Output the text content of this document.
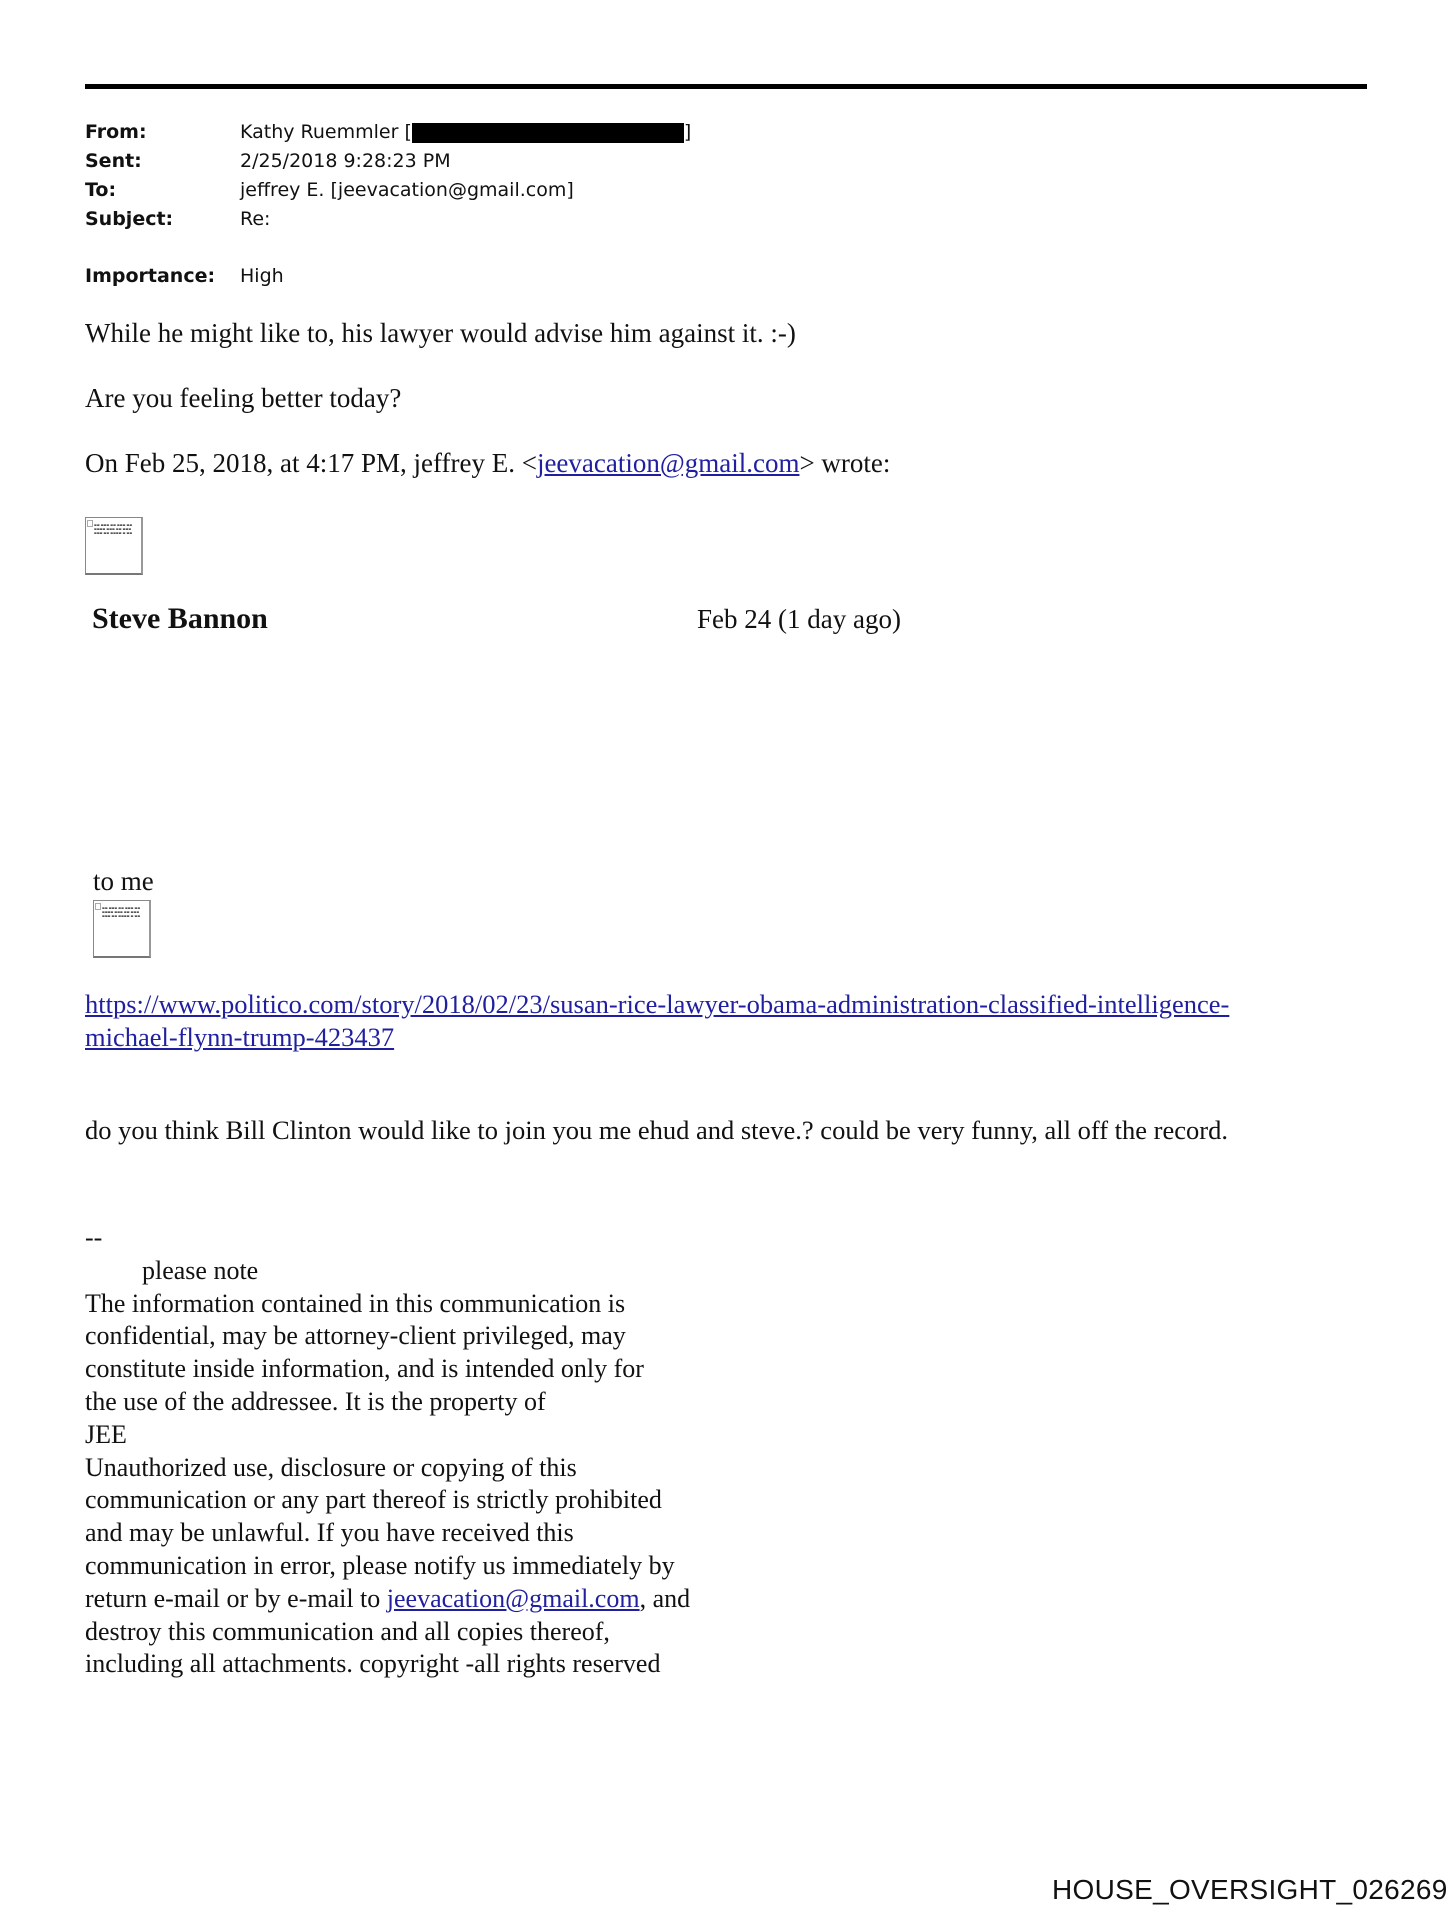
From:	Kathy Ruemmler [	]
Sent:	2/25/2018 9:28:23 PM
To:	jeffrey E. [jeevacation@gmail.com]
Subject:	Re:
Importance: High
While he might like to, his lawyer would advise him against it. :-)
Are you feeling better today?
On Feb 25, 2018, at 4:17 PM, jeffrey E. <jeevacation@gmail.com> wrote:
▬▬ ▬▬▬ ▬▬ ▬▬▬ ▬▬ ▬▬▬▬ ▬▬▬ ▬▬ ▬▬▬ ▬▬▬ ▬▬ ▬▬▬▬ ▬ ▬▬
Steve Bannon	Feb 24 (1 day ago)
to me
▬▬ ▬▬▬ ▬▬ ▬▬▬ ▬▬ ▬▬▬▬ ▬▬▬ ▬▬ ▬▬▬ ▬▬▬ ▬▬ ▬▬▬▬ ▬ ▬▬
https://www.politico.com/story/2018/02/23/susan-rice-lawyer-obama-administration-classified-intelligence-
michael-flynn-trump-423437
do you think Bill Clinton would like to join you me ehud and steve.? could be very funny, all off the record.
--
please note
The information contained in this communication is
confidential, may be attorney-client privileged, may
constitute inside information, and is intended only for
the use of the addressee. It is the property of
JEE
Unauthorized use, disclosure or copying of this
communication or any part thereof is strictly prohibited
and may be unlawful. If you have received this
communication in error, please notify us immediately by
return e-mail or by e-mail to jeevacation@gmail.com, and
destroy this communication and all copies thereof,
including all attachments. copyright -all rights reserved
HOUSE_OVERSIGHT_026269
